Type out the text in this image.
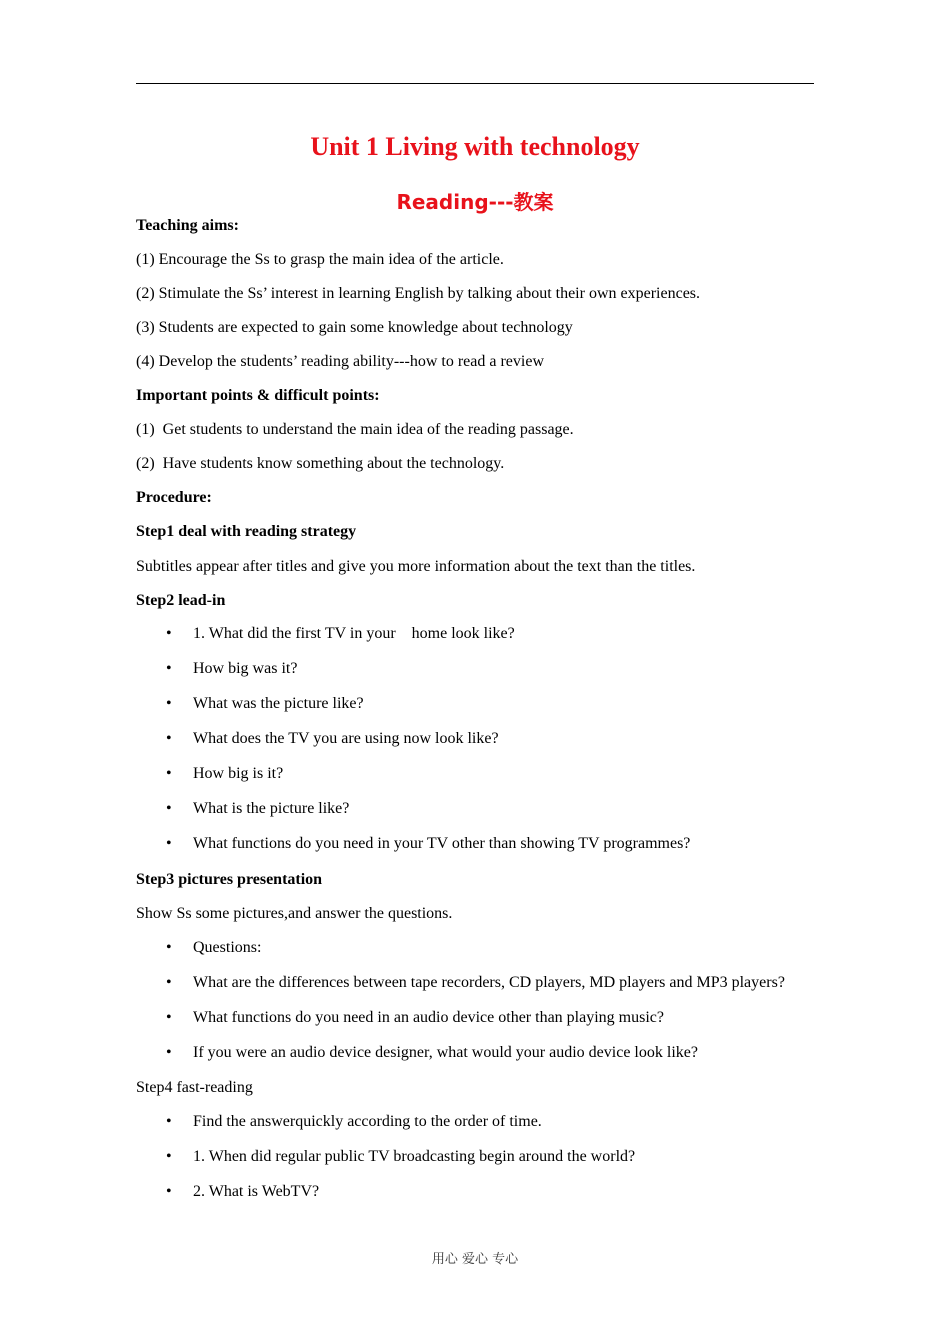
Unit 1 Living with technology
Reading---教案
Teaching aims:
(1) Encourage the Ss to grasp the main idea of the article.
(2) Stimulate the Ss’ interest in learning English by talking about their own experiences.
(3) Students are expected to gain some knowledge about technology
(4) Develop the students’ reading ability---how to read a review
Important points & difficult points:
(1)  Get students to understand the main idea of the reading passage.
(2)  Have students know something about the technology.
Procedure:
Step1 deal with reading strategy
Subtitles appear after titles and give you more information about the text than the titles.
Step2 lead-in
• 1. What did the first TV in your    home look like?
• How big was it?
• What was the picture like?
• What does the TV you are using now look like?
• How big is it?
• What is the picture like?
• What functions do you need in your TV other than showing TV programmes?
Step3 pictures presentation
Show Ss some pictures,and answer the questions.
• Questions:
• What are the differences between tape recorders, CD players, MD players and MP3 players?
• What functions do you need in an audio device other than playing music?
• If you were an audio device designer, what would your audio device look like?
Step4 fast-reading
• Find the answerquickly according to the order of time.
• 1. When did regular public TV broadcasting begin around the world?
• 2. What is WebTV?
用心 爱心 专心
